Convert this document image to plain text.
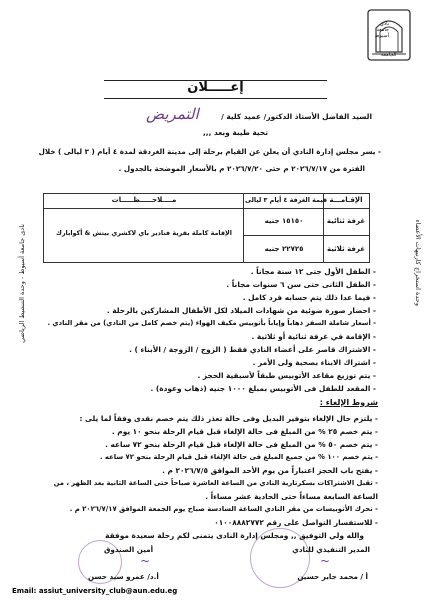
نادي جامعة أسيوط
الجامعة
نادى جامعة أسيوط - وحدة التنشيط الرياضي	وحدة استخراج كارنيهات الأعضاء
إعـــــلان
السيد الفاضل الأستاذ الدكتور/ عميد كلية /
التمريض
تحية طيبة وبعد ,,,
- يسر مجلس إدارة النادي أن يعلن عن القيام برحلة إلى مدينة الغردقة لمدة ٤ أيام ( ٣ ليالى ) خلال
الفترة من ٢٠٢٦/٧/١٧ م حتى ٢٠٢٦/٧/٢٠ م بالأسعار الموضحة بالجدول .
الإقـامـــة
قيمة الغرفة ٤ أيام ٣ ليالى
مــــلاحـــــظـــــات
غرفة ثنائية
١٥١٥٠ جنيه
غرفة ثلاثية
٢٢٧٢٥ جنيه
الإقامة كاملة بقرية فنادير باي لاكشري بيتش & أكوابارك
- الطفل الأول حتى ١٢ سنة مجاناً .
- الطفل الثانى حتى سن ٦ سنوات مجاناً .
- فيما عدا ذلك يتم حسابه فرد كامل .
- احضار صورة ضوئية من شهادات الميلاد لكل الأطفال المشاركين بالرحلة .
- أسعار شاملة السفر ذهاباً وإياباً بأتوبيس مكيف الهواء (يتم خصم كامل من النادي) من مقر النادي .
- الإقامة في غرفة ثنائية أو ثلاثية .
- الاشتراك قاصر على أعضاء النادي فقط ( الزوج / الزوجة / الأبناء ) .
- اشتراك الابناء بصحبة ولى الأمر .
- يتم توزيع مقاعد الأتوبيس طبقاً لأسبقية الحجز .
- المقعد للطفل فى الأتوبيس بمبلغ ١٠٠٠ جنيه (ذهاب وعودة) .
شروط الإلغاء :
- يلتزم حال الإلغاء بتوفير البديل وفى حالة تعذر ذلك يتم خصم نقدى وفقاً لما يلى :
- يتم خصم ٢٥ % من المبلغ فى حالة الإلغاء قبل قيام الرحلة بنحو ١٠ يوم .
- يتم خصم ٥٠ % من المبلغ فى حالة الإلغاء قبل قيام الرحلة بنحو ٧٢ ساعه .
- يتم خصم ١٠٠ % من جميع المبلغ فى حالة الإلغاء قبل قيام الرحلة بنحو ٧٢ ساعه .
- يفتح باب الحجز اعتباراً من يوم الأحد الموافق ٢٠٢٦/٧/٥ م .
- تقبل الاشتراكات بسكرتارية النادي من الساعة العاشرة صباحاً حتى الساعة الثانية بعد الظهر ، من
الساعة السابعة مساءاً حتى الحادية عشر مساءاً .
- تحرك الأتوبيسات من مقر النادي الساعة السادسة صباح يوم الجمعة الموافق ٢٠٢٦/٧/١٧ م .
- للاستفسار التواصل على رقم ٠١٠٠٨٨٨٢٧٧٢
والله ولي التوفيق ,, ومجلس إدارة النادى يتمنى لكم رحلة سعيدة موفقة
المدير التنفيذي للنادي
~
أ / محمد جابر حسين
أمين الصندوق
~
أ.د/ عمرو سيد حسن
Email: assiut_university_club@aun.edu.eg
